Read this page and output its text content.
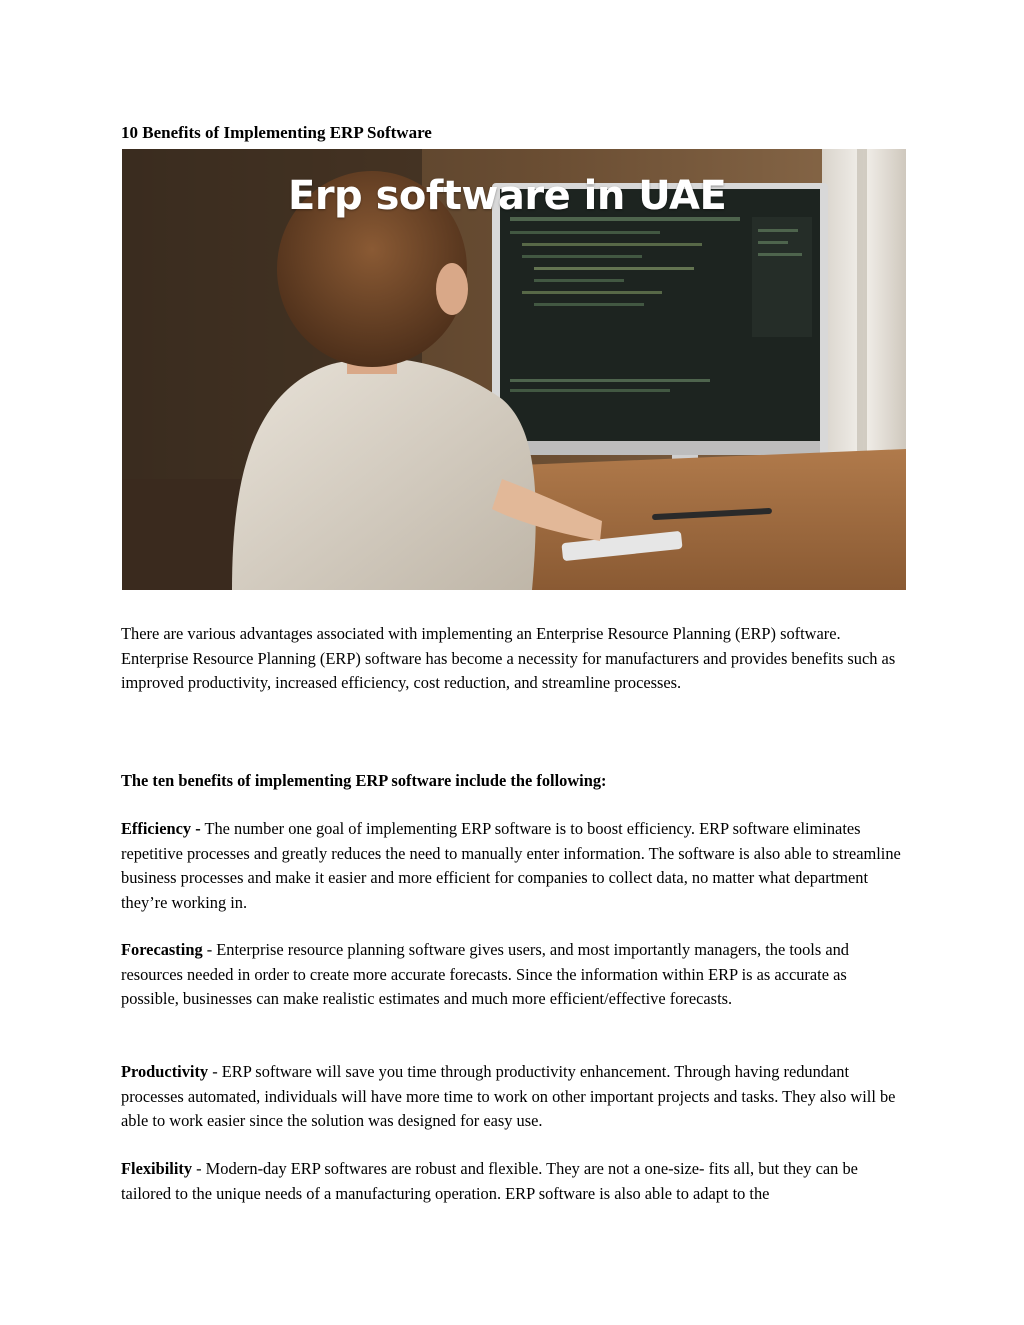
10 Benefits of Implementing ERP Software
Erp software in UAE

There are various advantages associated with implementing an Enterprise Resource Planning (ERP) software. Enterprise Resource Planning (ERP) software has become a necessity for manufacturers and provides benefits such as improved productivity, increased efficiency, cost reduction, and streamline processes.

The ten benefits of implementing ERP software include the following:

Efficiency - The number one goal of implementing ERP software is to boost efficiency. ERP software eliminates repetitive processes and greatly reduces the need to manually enter information. The software is also able to streamline business processes and make it easier and more efficient for companies to collect data, no matter what department they’re working in.

Forecasting - Enterprise resource planning software gives users, and most importantly managers, the tools and resources needed in order to create more accurate forecasts. Since the information within ERP is as accurate as possible, businesses can make realistic estimates and much more efficient/effective forecasts.

Productivity - ERP software will save you time through productivity enhancement. Through having redundant processes automated, individuals will have more time to work on other important projects and tasks. They also will be able to work easier since the solution was designed for easy use.

Flexibility - Modern-day ERP softwares are robust and flexible. They are not a one-size- fits all, but they can be tailored to the unique needs of a manufacturing operation. ERP software is also able to adapt to the
